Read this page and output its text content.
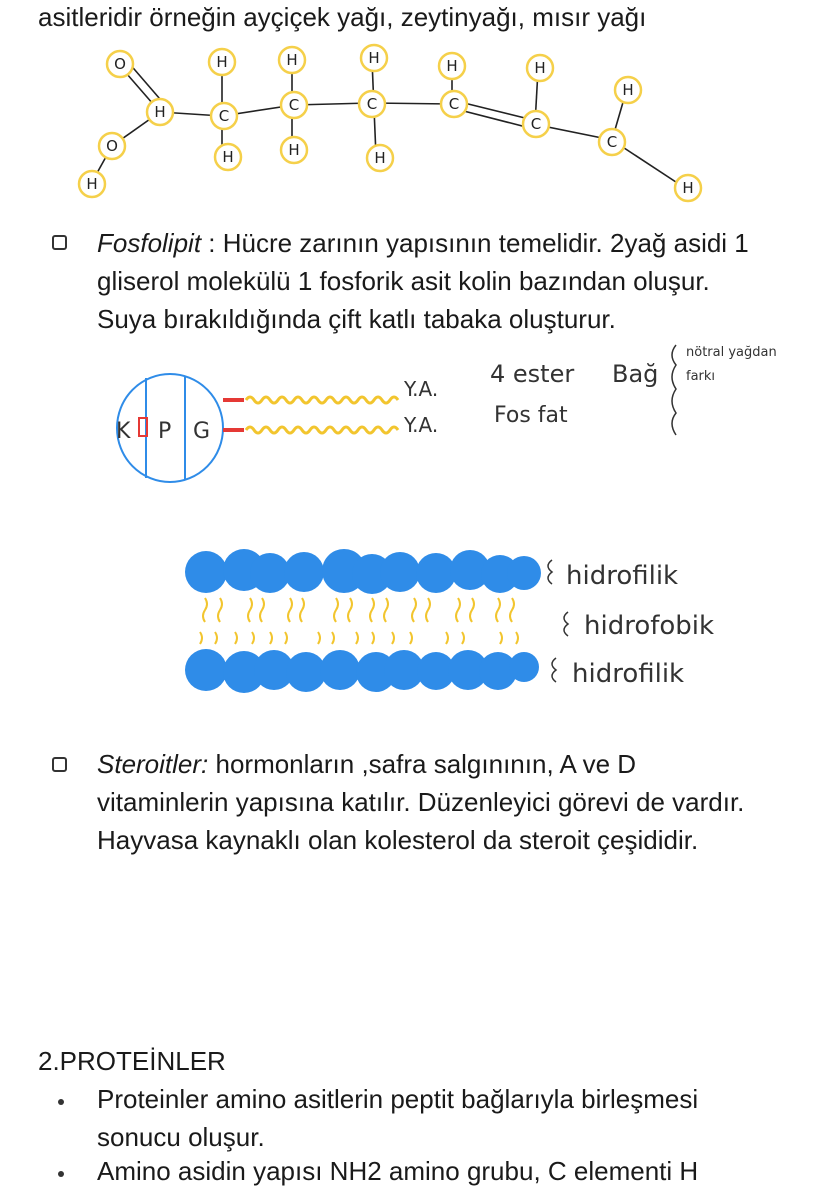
asitleridir örneğin ayçiçek yağı, zeytinyağı, mısır yağı
O
H
O
H
H
C
H
H
C
H
H
C
H
H
C
H
C
H
C
H
Fosfolipit : Hücre zarının yapısının temelidir. 2yağ asidi 1
gliserol molekülü 1 fosforik asit kolin bazından oluşur.
Suya bırakıldığında çift katlı tabaka oluşturur.
K P G
Y.A.
Y.A.
4 ester Bağ
Fos fat
nötral yağdan
farkı
hidrofilik
hidrofobik
hidrofilik
Steroitler: hormonların ,safra salgınının, A ve D
vitaminlerin yapısına katılır. Düzenleyici görevi de vardır.
Hayvasa kaynaklı olan kolesterol da steroit çeşididir.
2.PROTEİNLER
Proteinler amino asitlerin peptit bağlarıyla birleşmesi
sonucu oluşur.
Amino asidin yapısı NH2 amino grubu, C elementi H
